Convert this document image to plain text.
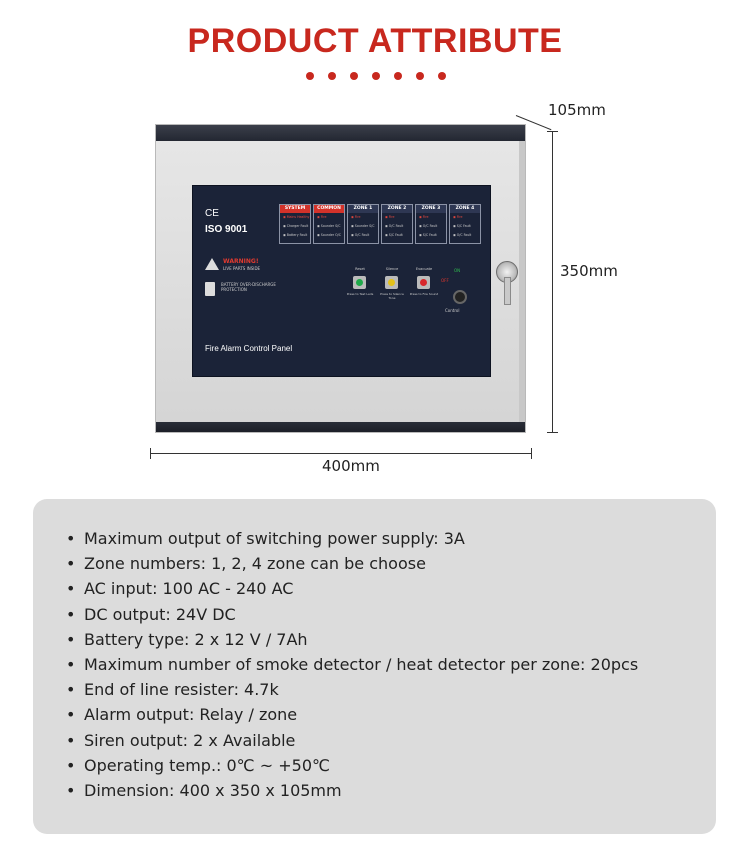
PRODUCT ATTRIBUTE
CE
ISO 9001
SYSTEM
◉ Mains Healthy
◉ Charger Fault
◉ Battery Fault
COMMON
◉ Fire
◉ Sounder S/C
◉ Sounder O/C
ZONE 1
◉ Fire
◉ Sounder S/C
◉ O/C Fault
ZONE 2
◉ Fire
◉ O/C Fault
◉ S/C Fault
ZONE 3
◉ Fire
◉ O/C Fault
◉ S/C Fault
ZONE 4
◉ Fire
◉ S/C Fault
◉ O/C Fault
WARNING!
LIVE PARTS INSIDE
BATTERY OVER-DISCHARGE PROTECTION
Reset
Press to Test Leds
Silence
Press to Silence Tone
Evacuate
Press to Fire Sound
ON
OFF
Control
Fire Alarm Control Panel
105mm
350mm
400mm
• Maximum output of switching power supply: 3A
• Zone numbers: 1, 2, 4 zone can be choose
• AC input: 100 AC - 240 AC
• DC output: 24V DC
• Battery type: 2 x 12 V / 7Ah
• Maximum number of smoke detector / heat detector per zone: 20pcs
• End of line resister: 4.7k
• Alarm output: Relay / zone
• Siren output: 2 x Available
• Operating temp.: 0℃ ~ +50℃
• Dimension: 400 x 350 x 105mm
